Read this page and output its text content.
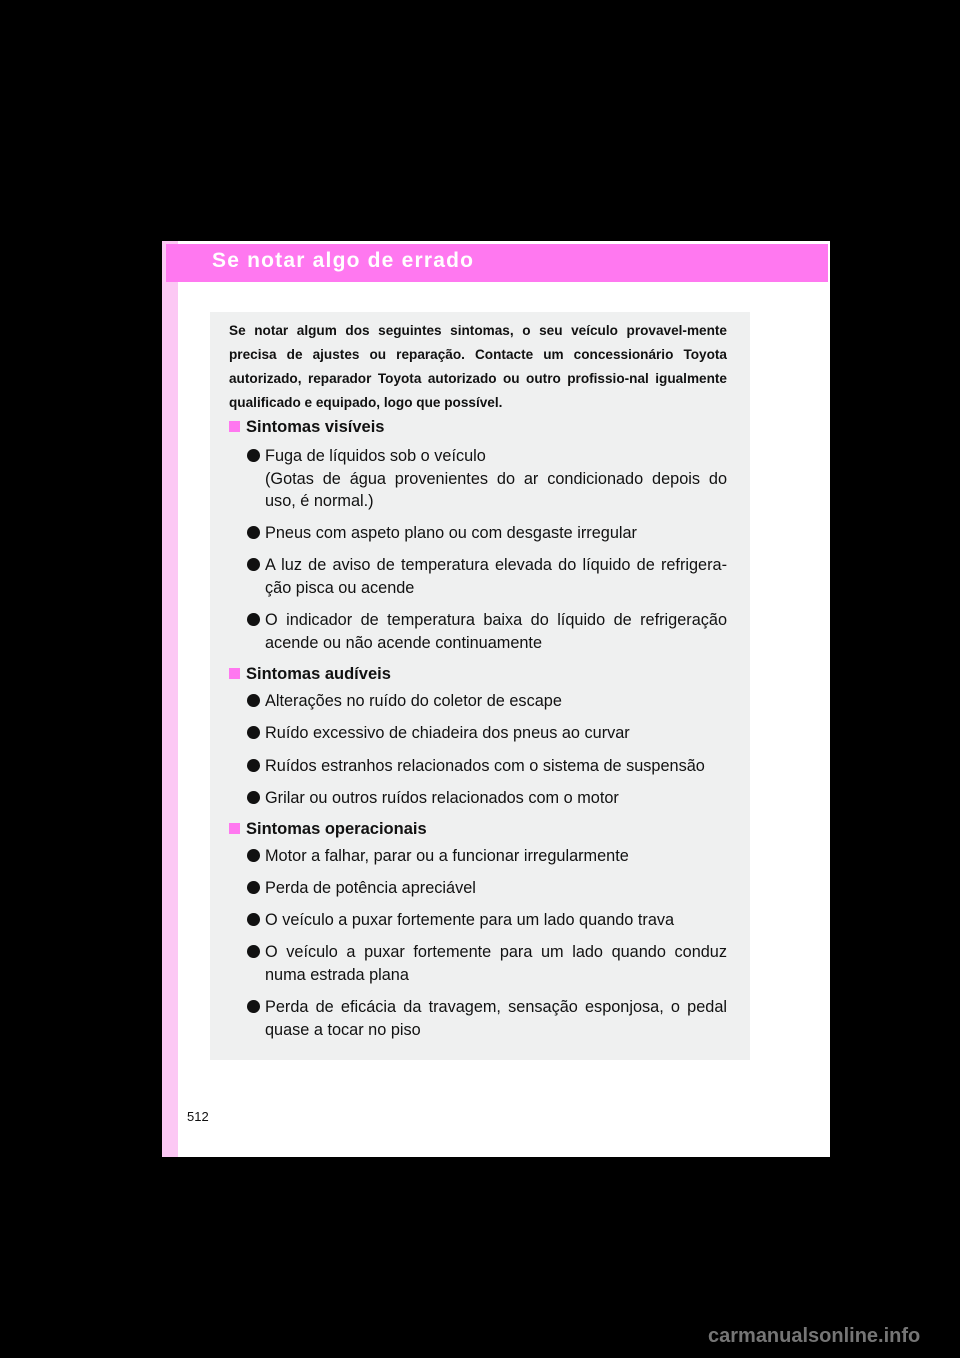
Se notar algo de errado
Se notar algum dos seguintes sintomas, o seu veículo provavel-mente precisa de ajustes ou reparação. Contacte um concessionário Toyota autorizado, reparador Toyota autorizado ou outro profissio-nal igualmente qualificado e equipado, logo que possível.
Sintomas visíveis
Fuga de líquidos sob o veículo
(Gotas de água provenientes do ar condicionado depois do uso, é normal.)
Pneus com aspeto plano ou com desgaste irregular
A luz de aviso de temperatura elevada do líquido de refrigera-ção pisca ou acende
O indicador de temperatura baixa do líquido de refrigeração acende ou não acende continuamente
Sintomas audíveis
Alterações no ruído do coletor de escape
Ruído excessivo de chiadeira dos pneus ao curvar
Ruídos estranhos relacionados com o sistema de suspensão
Grilar ou outros ruídos relacionados com o motor
Sintomas operacionais
Motor a falhar, parar ou a funcionar irregularmente
Perda de potência apreciável
O veículo a puxar fortemente para um lado quando trava
O veículo a puxar fortemente para um lado quando conduz numa estrada plana
Perda de eficácia da travagem, sensação esponjosa, o pedal quase a tocar no piso
512
carmanualsonline.info
